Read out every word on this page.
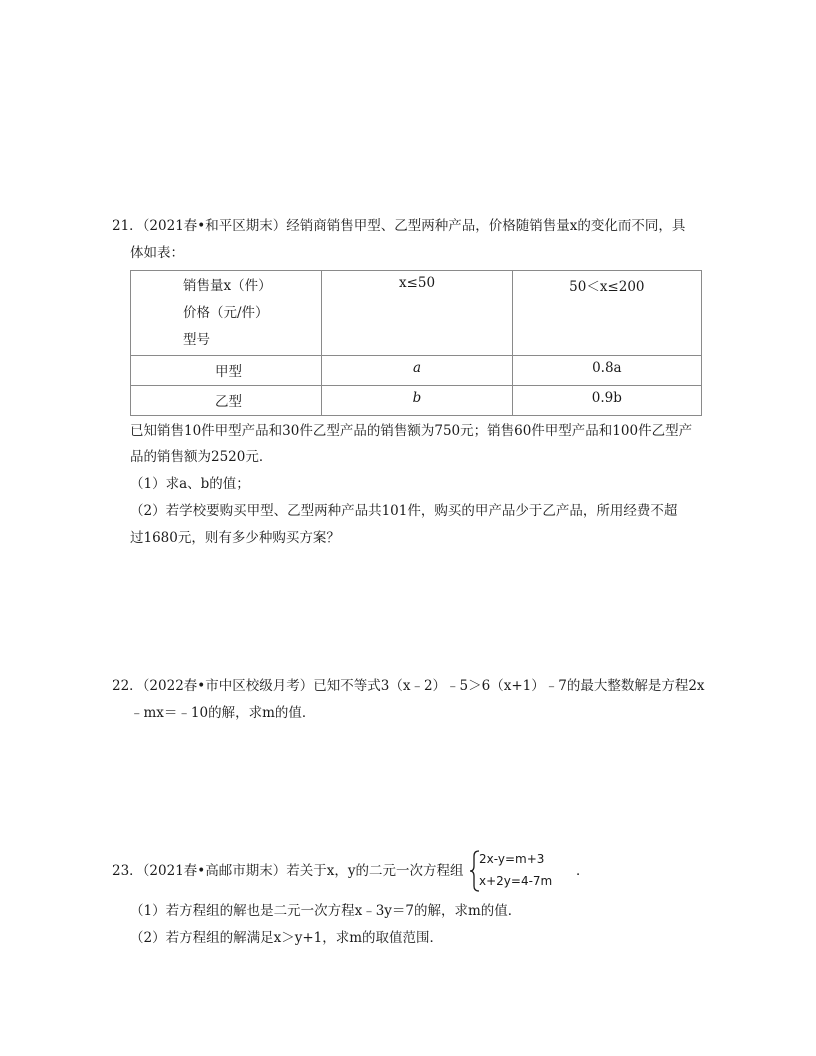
21．（2021春•和平区期末）经销商销售甲型、乙型两种产品，价格随销售量x的变化而不同，具
体如表：
销售量x（件）
价格（元/件）
型号	x≤50	50＜x≤200

甲型	a	0.8a

乙型	b	0.9b
已知销售10件甲型产品和30件乙型产品的销售额为750元；销售60件甲型产品和100件乙型产
品的销售额为2520元．
（1）求a、b的值；
（2）若学校要购买甲型、乙型两种产品共101件，购买的甲产品少于乙产品，所用经费不超
过1680元，则有多少种购买方案？
22．（2022春•市中区校级月考）已知不等式3（x﹣2）﹣5＞6（x+1）﹣7的最大整数解是方程2x
﹣mx＝﹣10的解，求m的值．
23．（2021春•高邮市期末）若关于x，y的二元一次方程组
2x-y=m+3
x+2y=4-7m
．
（1）若方程组的解也是二元一次方程x﹣3y＝7的解，求m的值．
（2）若方程组的解满足x＞y+1，求m的取值范围．
